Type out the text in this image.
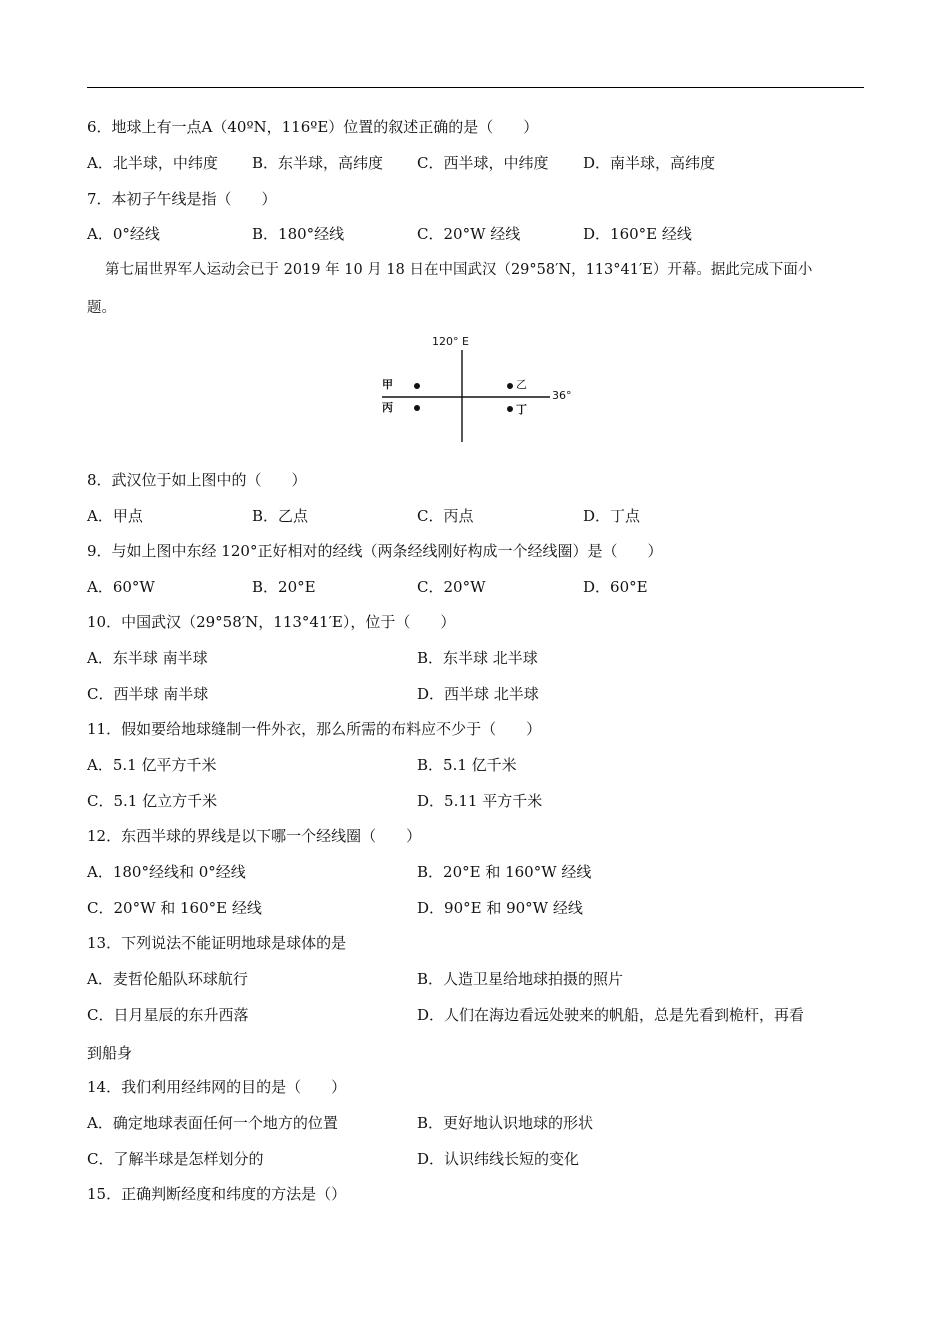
6．地球上有一点A（40ºN，116ºE）位置的叙述正确的是（　　）
A．北半球，中纬度 B．东半球，高纬度 C．西半球，中纬度 D．南半球，高纬度
7．本初子午线是指（　　）
A．0°经线	B．180°经线	C．20°W 经线	D．160°E 经线
第七届世界军人运动会已于 2019 年 10 月 18 日在中国武汉（29°58′N，113°41′E）开幕。据此完成下面小
题。
120° E
36°
甲	乙
丙	丁
8．武汉位于如上图中的（　　）
A．甲点	B．乙点	C．丙点	D．丁点
9．与如上图中东经 120°正好相对的经线（两条经线刚好构成一个经线圈）是（　　）
A．60°W	B．20°E	C．20°W	D．60°E
10．中国武汉（29°58′N，113°41′E），位于（　　）
A．东半球 南半球	B．东半球 北半球
C．西半球 南半球	D．西半球 北半球
11．假如要给地球缝制一件外衣，那么所需的布料应不少于（　　）
A．5.1 亿平方千米	B．5.1 亿千米
C．5.1 亿立方千米	D．5.11 平方千米
12．东西半球的界线是以下哪一个经线圈（　　）
A．180°经线和 0°经线	B．20°E 和 160°W 经线
C．20°W 和 160°E 经线	D．90°E 和 90°W 经线
13．下列说法不能证明地球是球体的是
A．麦哲伦船队环球航行	B．人造卫星给地球拍摄的照片
C．日月星辰的东升西落	D．人们在海边看远处驶来的帆船，总是先看到桅杆，再看
到船身
14．我们利用经纬网的目的是（　　）
A．确定地球表面任何一个地方的位置	B．更好地认识地球的形状
C．了解半球是怎样划分的	D．认识纬线长短的变化
15．正确判断经度和纬度的方法是（）
